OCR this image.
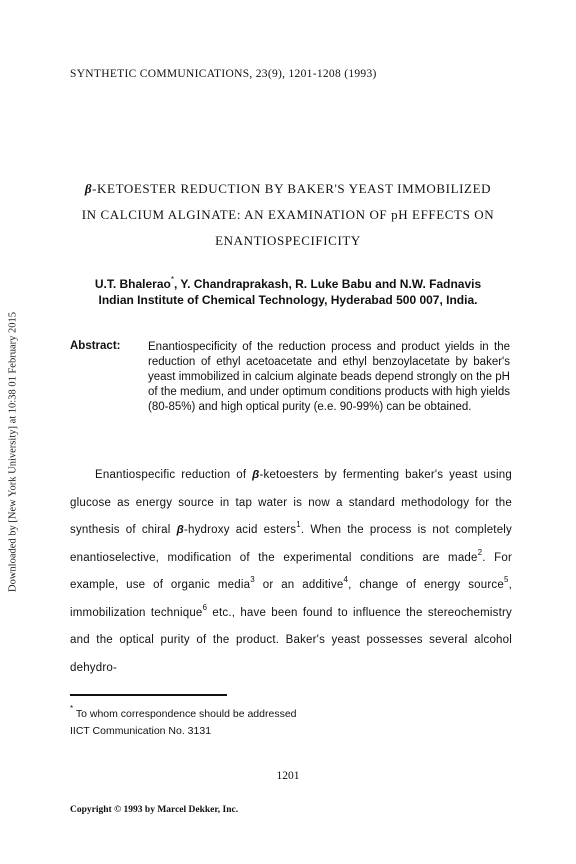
SYNTHETIC COMMUNICATIONS, 23(9), 1201-1208 (1993)
Downloaded by [New York University] at 10:38 01 February 2015
β-KETOESTER REDUCTION BY BAKER'S YEAST IMMOBILIZED
IN CALCIUM ALGINATE: AN EXAMINATION OF pH EFFECTS ON
ENANTIOSPECIFICITY
U.T. Bhalerao*, Y. Chandraprakash, R. Luke Babu and N.W. Fadnavis
Indian Institute of Chemical Technology, Hyderabad 500 007, India.
Abstract: Enantiospecificity of the reduction process and product yields in the reduction of ethyl acetoacetate and ethyl benzoylacetate by baker's yeast immobilized in calcium alginate beads depend strongly on the pH of the medium, and under optimum conditions products with high yields (80-85%) and high optical purity (e.e. 90-99%) can be obtained.

Enantiospecific reduction of β-ketoesters by fermenting baker's yeast using glucose as energy source in tap water is now a standard methodology for the synthesis of chiral β-hydroxy acid esters$^1$. When the process is not completely enantioselective, modification of the experimental conditions are made$^2$. For example, use of organic media$^3$ or an additive$^4$, change of energy source$^5$, immobilization technique$^6$ etc., have been found to influence the stereochemistry and the optical purity of the product. Baker's yeast possesses several alcohol dehydro-

* To whom correspondence should be addressed
IICT Communication No. 3131
1201
Copyright © 1993 by Marcel Dekker, Inc.
